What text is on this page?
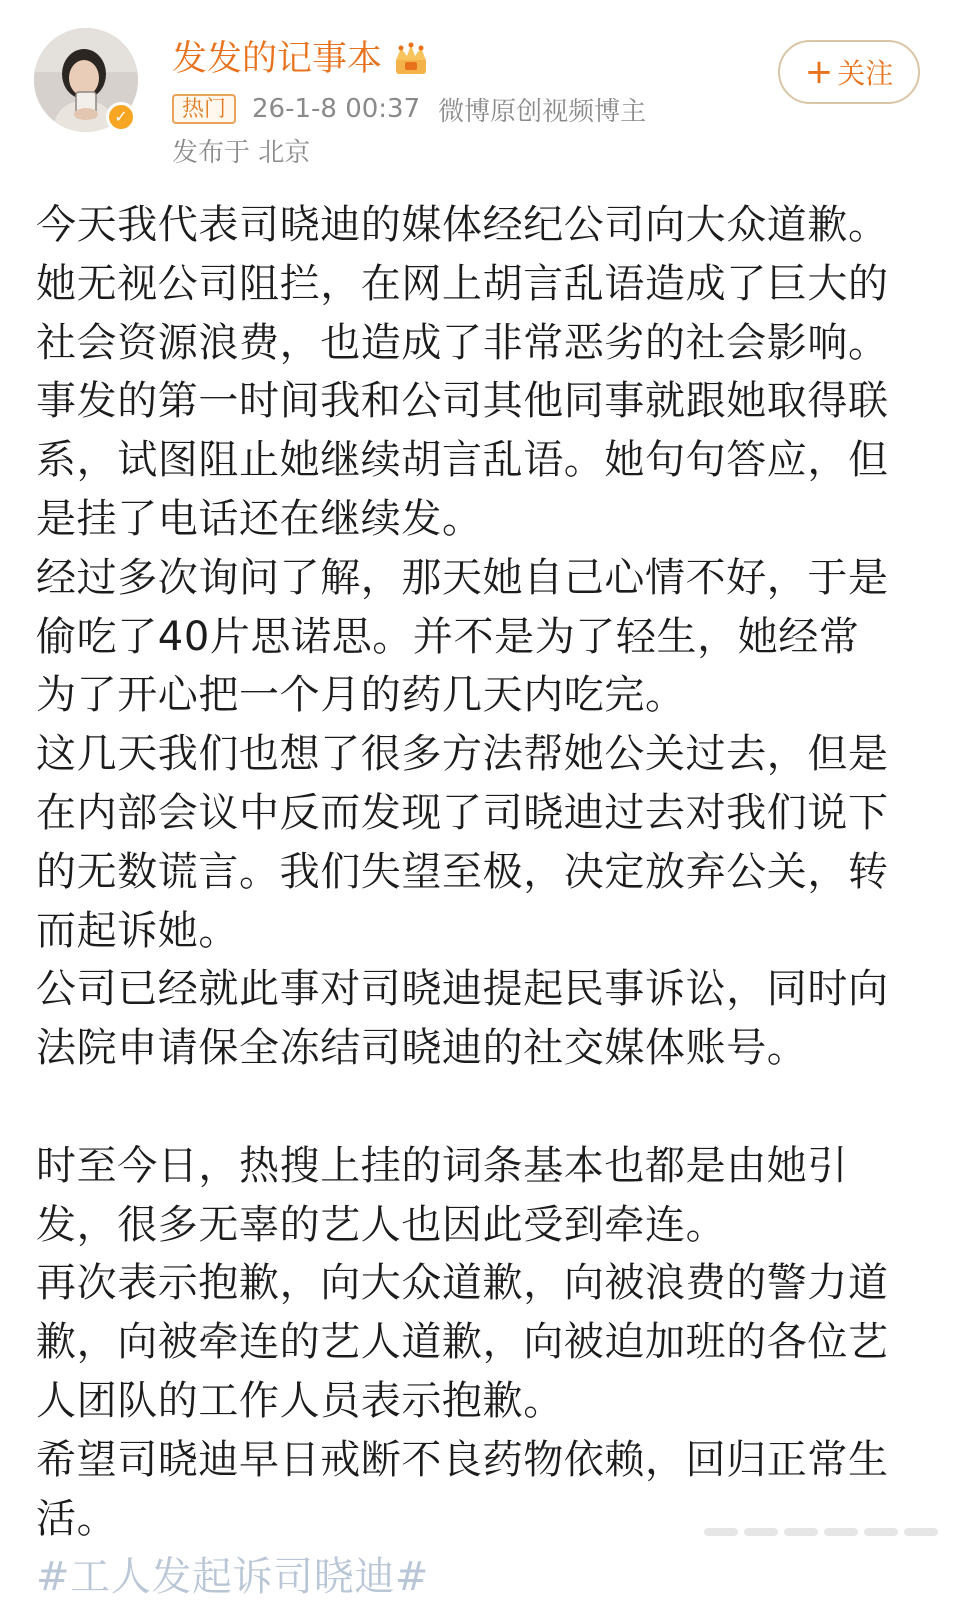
✓
发发的记事本
热门	26-1-8 00:37 微博原创视频博主
发布于 北京
+ 关注
今天我代表司晓迪的媒体经纪公司向大众道歉。
她无视公司阻拦，在网上胡言乱语造成了巨大的
社会资源浪费，也造成了非常恶劣的社会影响。
事发的第一时间我和公司其他同事就跟她取得联
系，试图阻止她继续胡言乱语。她句句答应，但
是挂了电话还在继续发。
经过多次询问了解，那天她自己心情不好，于是
偷吃了40片思诺思。并不是为了轻生，她经常
为了开心把一个月的药几天内吃完。
这几天我们也想了很多方法帮她公关过去，但是
在内部会议中反而发现了司晓迪过去对我们说下
的无数谎言。我们失望至极，决定放弃公关，转
而起诉她。
公司已经就此事对司晓迪提起民事诉讼，同时向
法院申请保全冻结司晓迪的社交媒体账号。
时至今日，热搜上挂的词条基本也都是由她引
发，很多无辜的艺人也因此受到牵连。
再次表示抱歉，向大众道歉，向被浪费的警力道
歉，向被牵连的艺人道歉，向被迫加班的各位艺
人团队的工作人员表示抱歉。
希望司晓迪早日戒断不良药物依赖，回归正常生
活。
#工人发起诉司晓迪#
